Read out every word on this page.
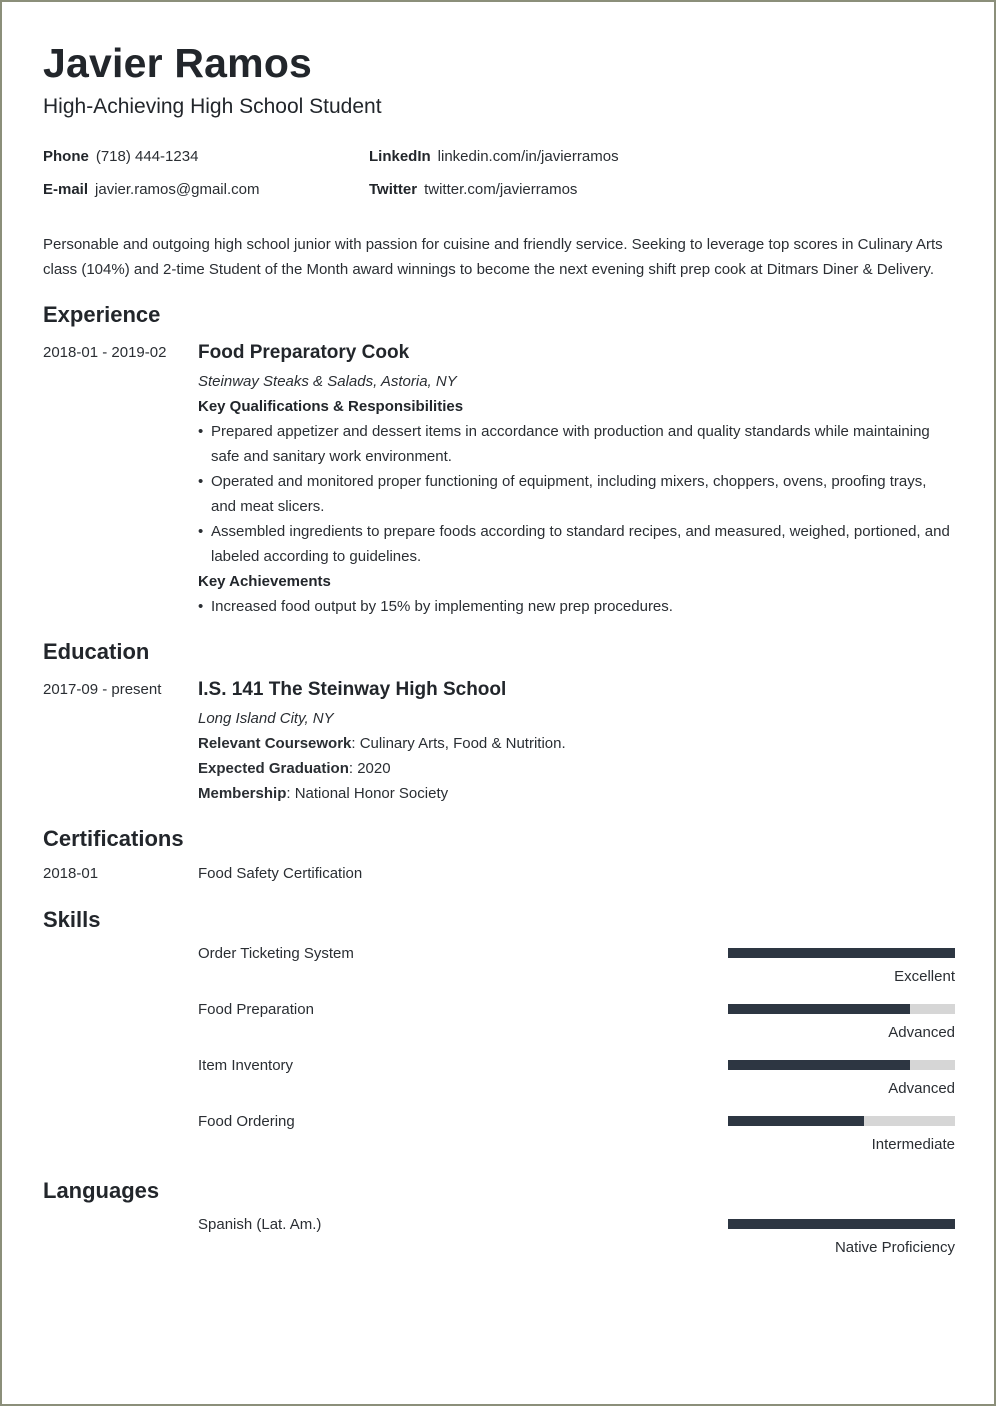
Javier Ramos
High-Achieving High School Student
Phone (718) 444-1234	LinkedIn linkedin.com/in/javierramos
E-mail javier.ramos@gmail.com	Twitter twitter.com/javierramos
Personable and outgoing high school junior with passion for cuisine and friendly service. Seeking to leverage top scores in Culinary Arts class (104%) and 2-time Student of the Month award winnings to become the next evening shift prep cook at Ditmars Diner & Delivery.
Experience
2018-01 - 2019-02 Food Preparatory Cook
Steinway Steaks & Salads, Astoria, NY
Key Qualifications & Responsibilities
• Prepared appetizer and dessert items in accordance with production and quality standards while maintaining safe and sanitary work environment.
• Operated and monitored proper functioning of equipment, including mixers, choppers, ovens, proofing trays, and meat slicers.
• Assembled ingredients to prepare foods according to standard recipes, and measured, weighed, portioned, and labeled according to guidelines.
Key Achievements
• Increased food output by 15% by implementing new prep procedures.
Education
2017-09 - present I.S. 141 The Steinway High School
Long Island City, NY
Relevant Coursework: Culinary Arts, Food & Nutrition.
Expected Graduation: 2020
Membership: National Honor Society
Certifications
2018-01	Food Safety Certification
Skills
Order Ticketing System
Excellent
Food Preparation
Advanced
Item Inventory
Advanced
Food Ordering
Intermediate
Languages
Spanish (Lat. Am.)
Native Proficiency
